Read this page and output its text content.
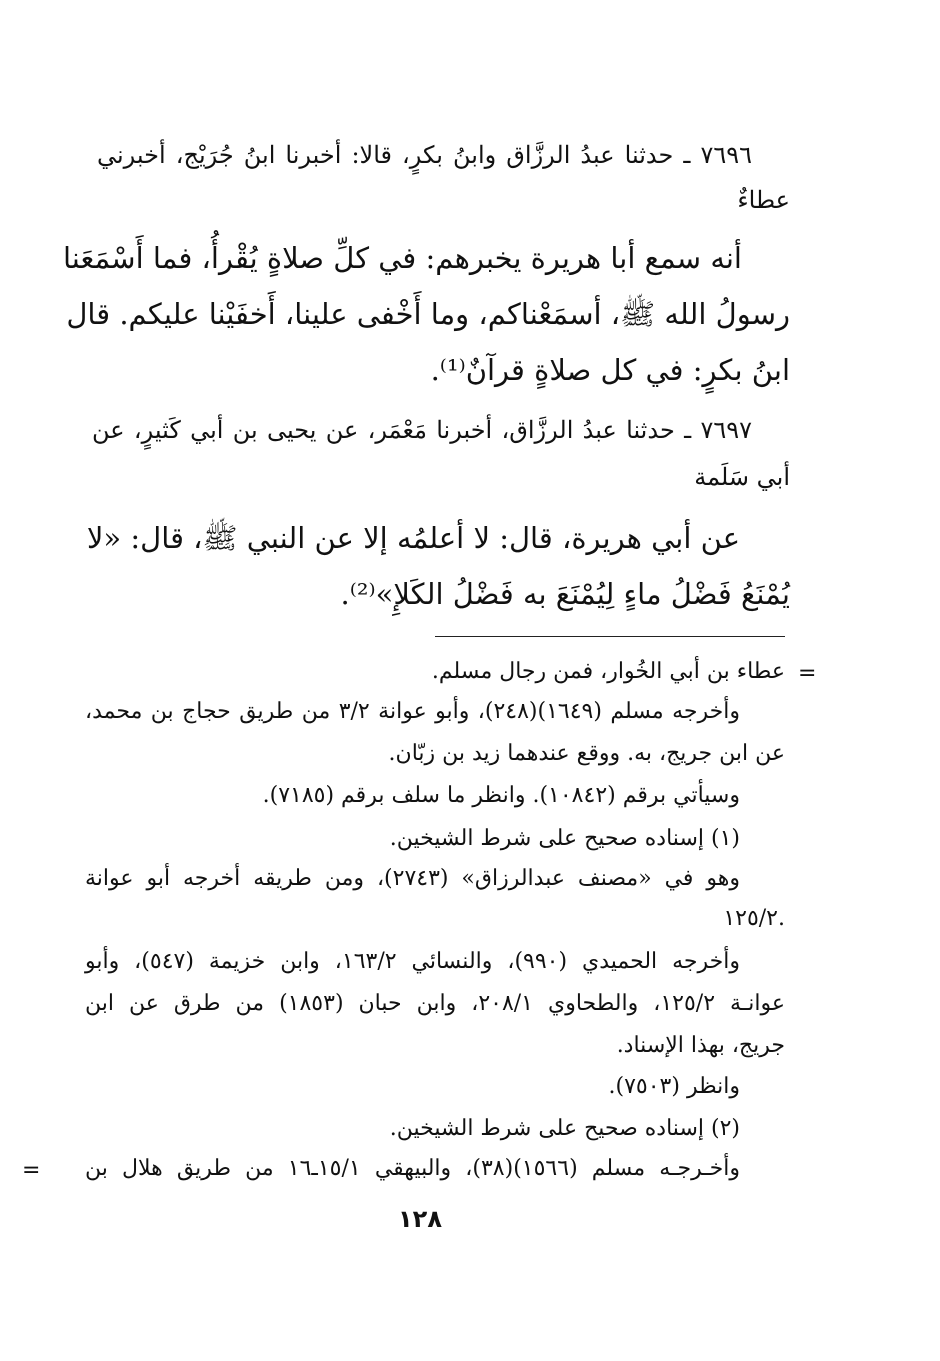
٧٦٩٦ ـ حدثنا عبدُ الرزَّاق وابنُ بكرٍ، قالا: أخبرنا ابنُ جُرَيْج، أخبرني
عطاءٌ
أنه سمع أبا هريرة يخبرهم: في كلِّ صلاةٍ يُقْرأُ، فما أَسْمَعَنا
رسولُ الله ﷺ، أسمَعْناكم، وما أَخْفى علينا، أَخفَيْنا عليكم. قال
ابنُ بكرٍ: في كل صلاةٍ قرآنٌ⁽¹⁾.
٧٦٩٧ ـ حدثنا عبدُ الرزَّاق، أخبرنا مَعْمَر، عن يحيى بن أبي كَثيرٍ، عن
أبي سَلَمة
عن أبي هريرة، قال: لا أعلمُه إلا عن النبي ﷺ، قال: «لا
يُمْنَعُ فَضْلُ ماءٍ لِيُمْنَعَ به فَضْلُ الكَلإِ»⁽²⁾.
=
عطاء بن أبي الخُوار، فمن رجال مسلم.
وأخرجه مسلم (١٦٤٩)(٢٤٨)، وأبو عوانة ٣/٢ من طريق حجاج بن محمد،
عن ابن جريج، به. ووقع عندهما زيد بن زبّان.
وسيأتي برقم (١٠٨٤٢). وانظر ما سلف برقم (٧١٨٥).
(١) إسناده صحيح على شرط الشيخين.
وهو في «مصنف عبدالرزاق» (٢٧٤٣)، ومن طريقه أخرجه أبو عوانة
١٢٥/٢.
وأخرجه الحميدي (٩٩٠)، والنسائي ١٦٣/٢، وابن خزيمة (٥٤٧)، وأبو
عوانـة ١٢٥/٢، والطحاوي ٢٠٨/١، وابن حبان (١٨٥٣) من طرق عن ابن
جريج، بهذا الإسناد.
وانظر (٧٥٠٣).
(٢) إسناده صحيح على شرط الشيخين.
وأخـرجـه مسلم (١٥٦٦)(٣٨)، والبيهقي ١٥/١ـ١٦ من طريق هلال بن
=
١٢٨
